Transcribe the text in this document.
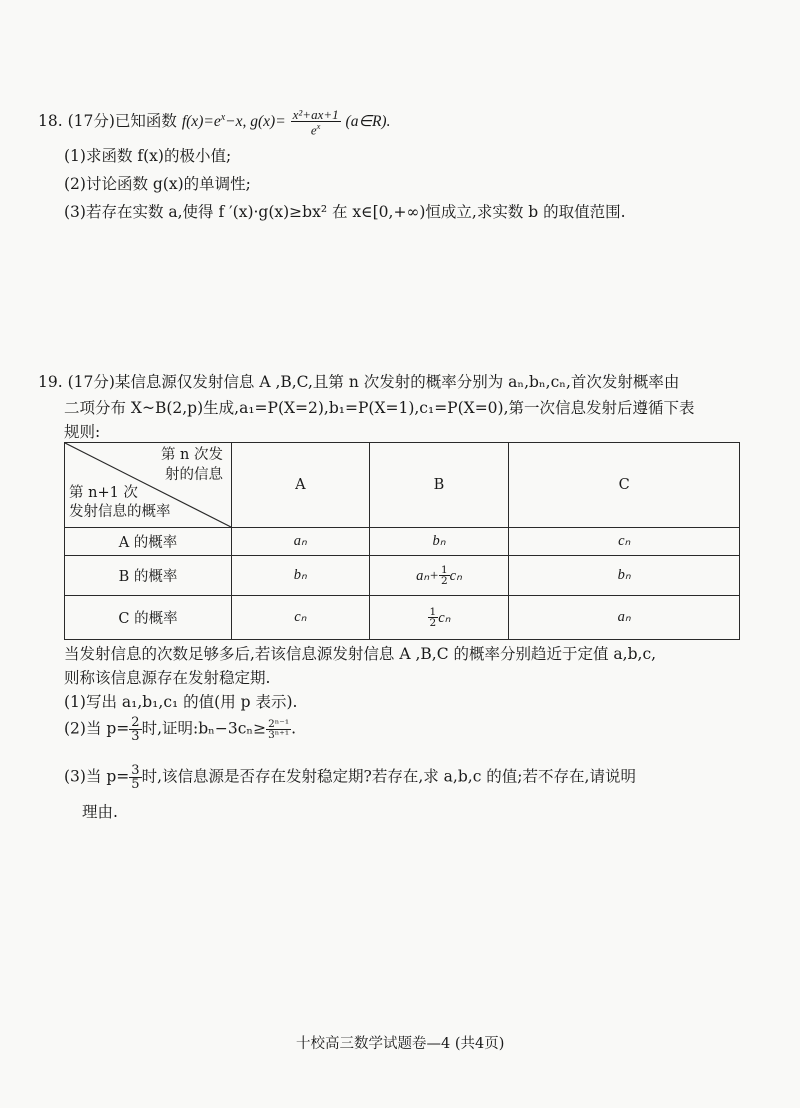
18. (17分)已知函数 $f(x)=e^x-x$, $g(x)= \frac{\text{x²+ax+1}}{e^x}$ (a∈R).
(1)求函数 f(x)的极小值;
(2)讨论函数 g(x)的单调性;
(3)若存在实数 a,使得 f ′(x)·g(x)≥bx² 在 x∈[0,+∞)恒成立,求实数 b 的取值范围.
19. (17分)某信息源仅发射信息 A ,B,C,且第 n 次发射的概率分别为 aₙ,bₙ,cₙ,首次发射概率由
二项分布 X~B(2,p)生成,a₁=P(X=2),b₁=P(X=1),c₁=P(X=0),第一次信息发射后遵循下表
规则:
第 n 次发
射的信息
第 n+1 次
发射信息的概率	A	B	C
A 的概率	aₙ	bₙ	cₙ
B 的概率	bₙ	$a_n+ \frac{1}{2}$ cₙ	bₙ
C 的概率	cₙ	$\frac{1}{2}$ cₙ	aₙ
当发射信息的次数足够多后,若该信息源发射信息 A ,B,C 的概率分别趋近于定值 a,b,c,
则称该信息源存在发射稳定期.
(1)写出 a₁,b₁,c₁ 的值(用 p 表示).
(2)当 $p= \frac{2}{3}$ 时,证明:bₙ−3cₙ≥ $\frac{\text{2ⁿ⁻¹}}{\text{3ⁿ⁺¹}}$ .
(3)当 $p= \frac{3}{5}$ 时,该信息源是否存在发射稳定期?若存在,求 a,b,c 的值;若不存在,请说明
理由.
十校高三数学试题卷—4 (共4页)
